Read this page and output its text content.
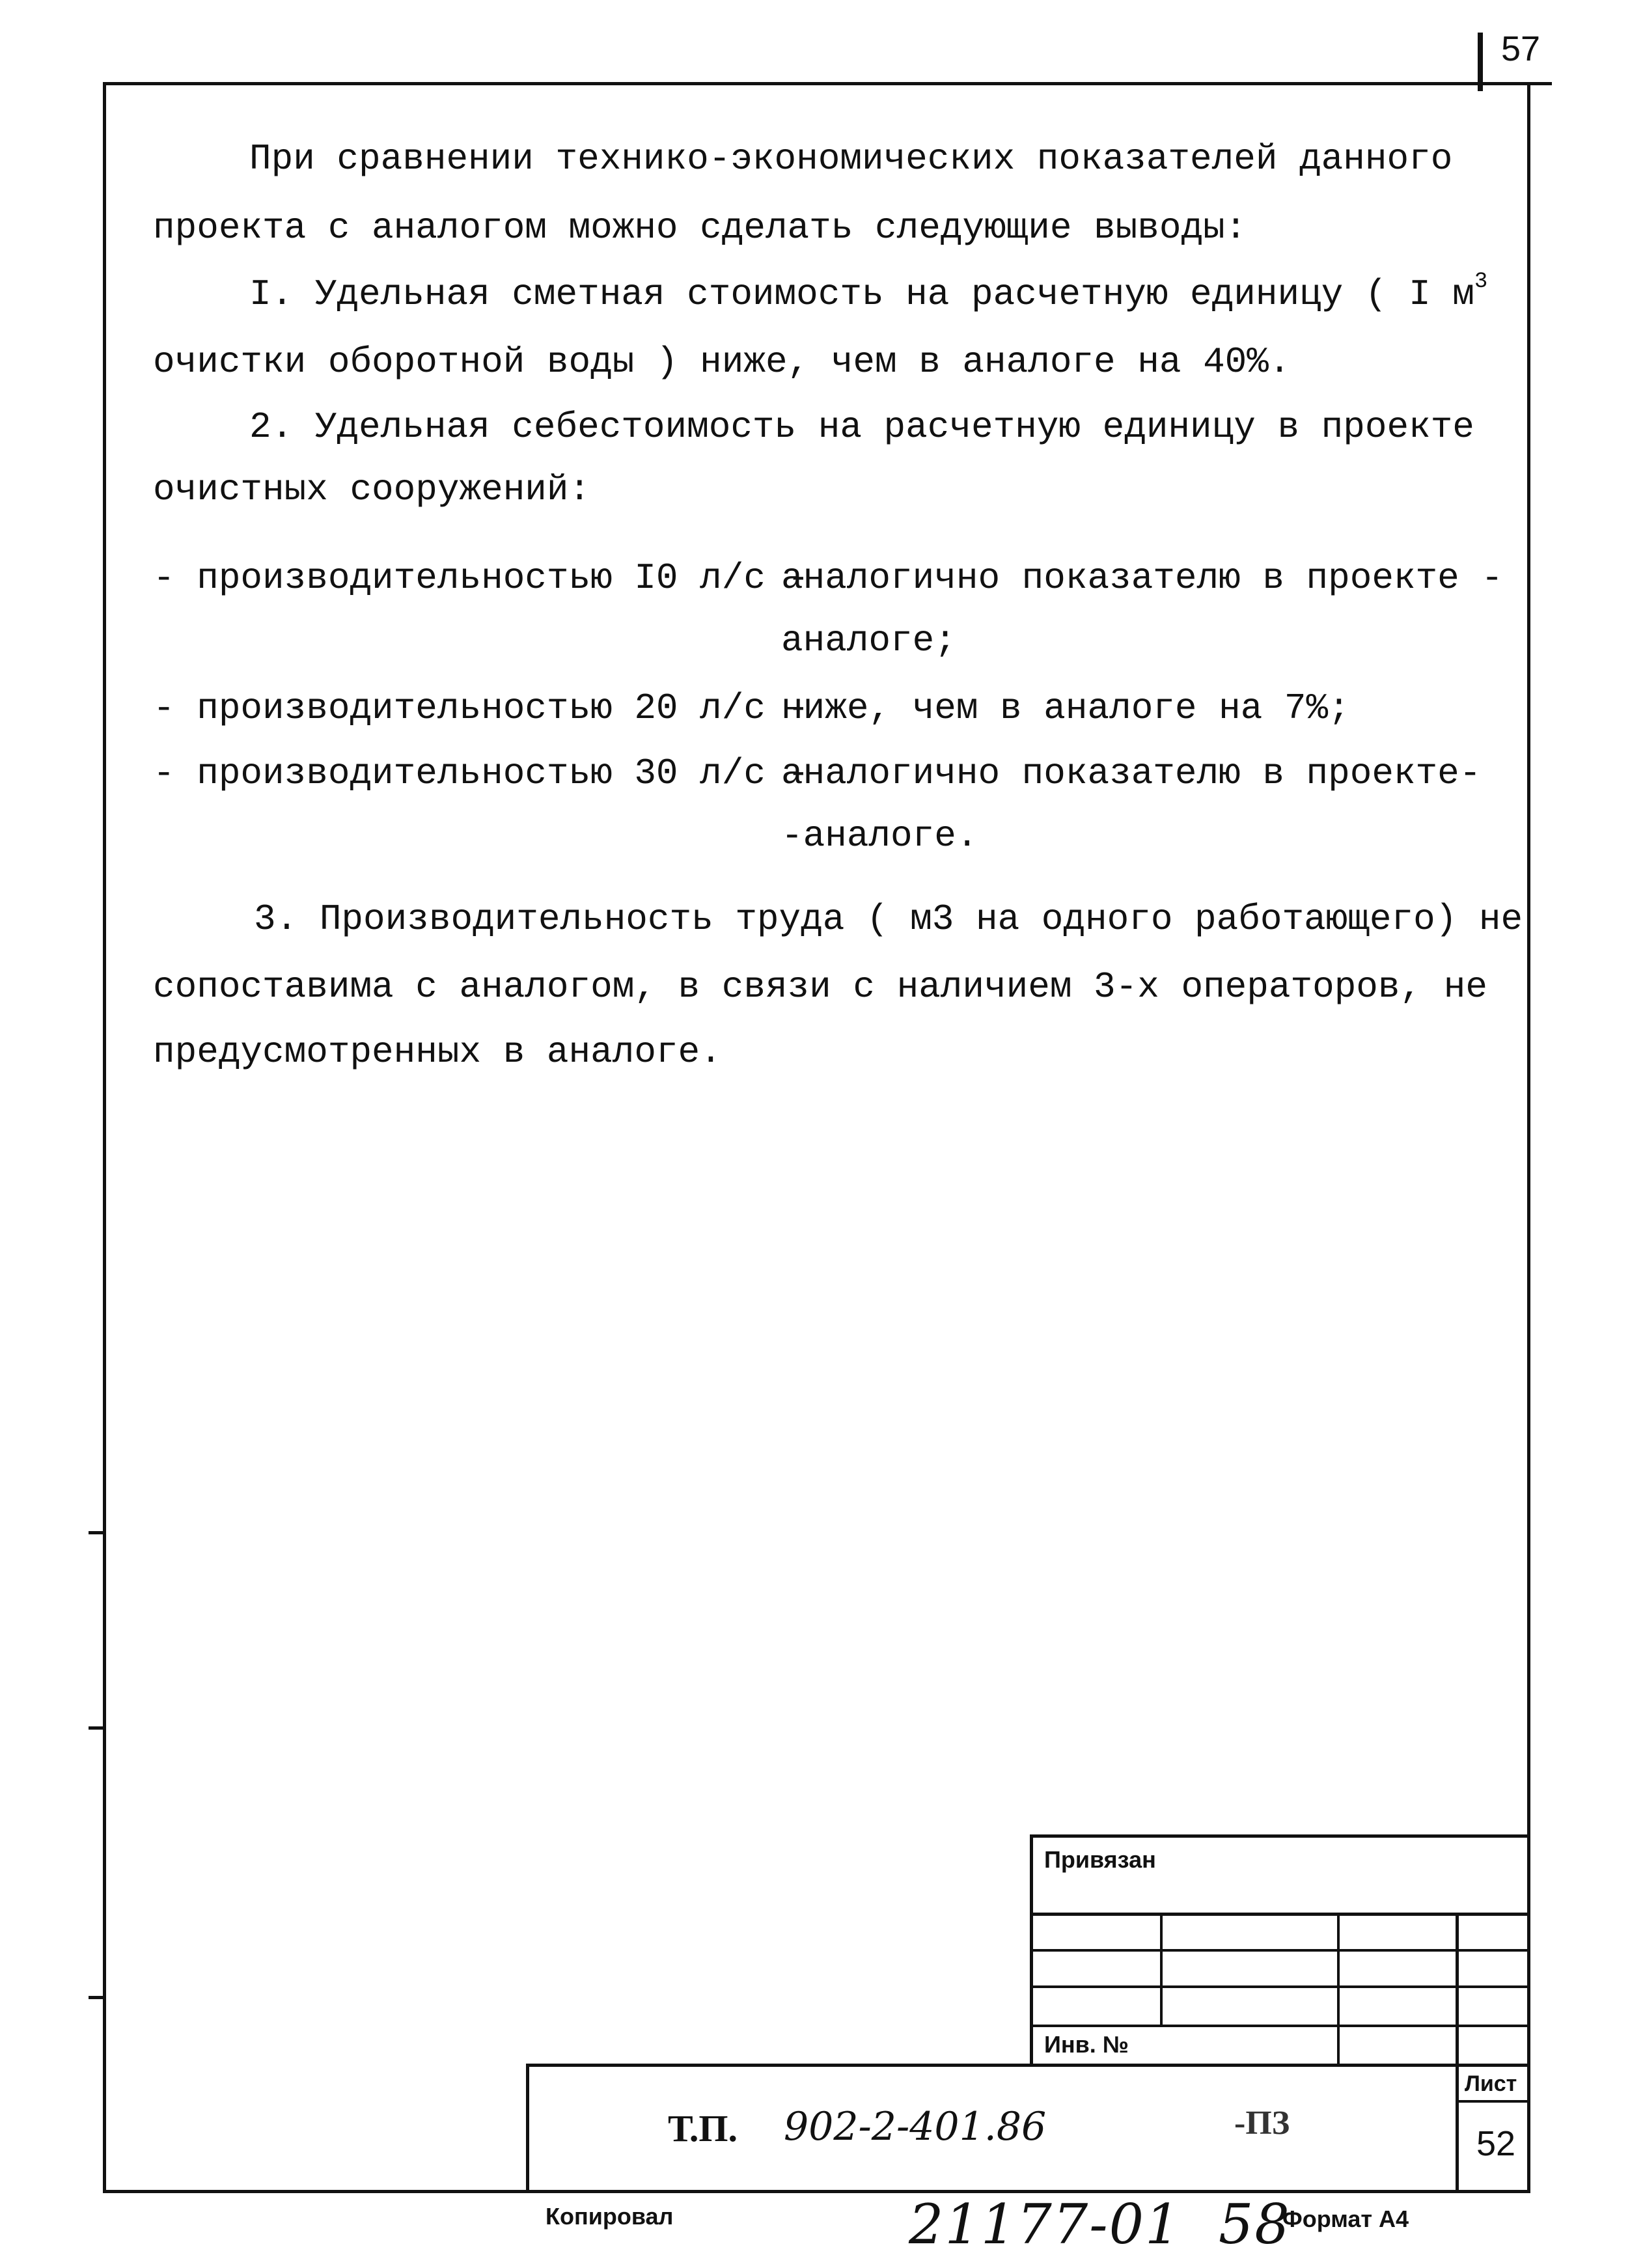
57
При сравнении технико-экономических показателей данного
проекта с аналогом можно сделать следующие выводы:
I. Удельная сметная стоимость на расчетную единицу ( I $м^3$
очистки оборотной воды ) ниже, чем в аналоге на 40%.
2. Удельная себестоимость на расчетную единицу в проекте
очистных сооружений:
- производительностью I0 л/с -
аналогично показателю в проекте -
аналоге;
- производительностью 20 л/с -
ниже, чем в аналоге на 7%;
- производительностью 30 л/с -
аналогично показателю в проекте-
-аналоге.
3. Производительность труда ( м3 на одного работающего) не
сопоставима с аналогом, в связи с наличием 3-х операторов, не
предусмотренных в аналоге.
Привязан
Инв. №
Лист
52
Т.П. 902-2-401.86	-ПЗ
Копировал	21177-01  58
Формат А4
